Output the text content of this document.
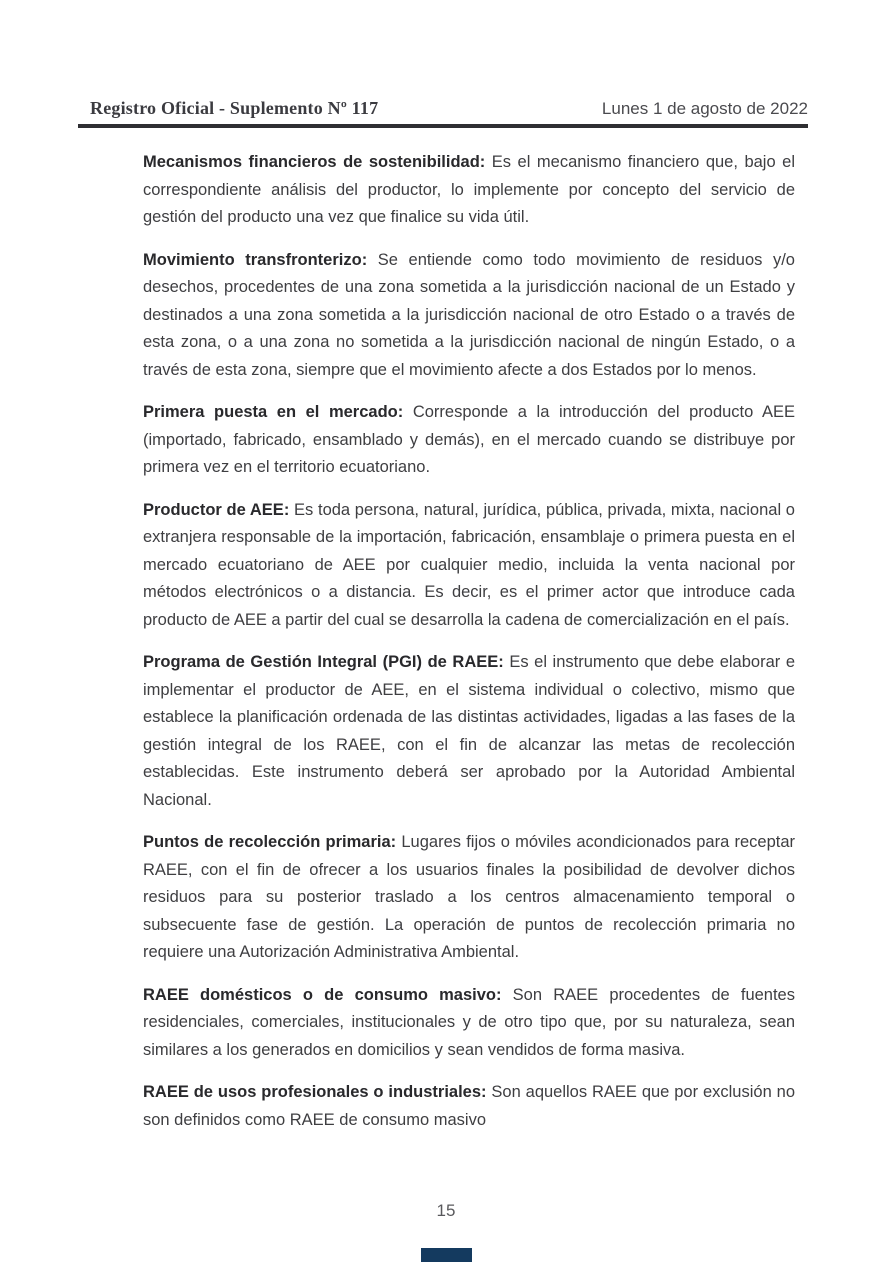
Registro Oficial - Suplemento Nº 117	Lunes 1 de agosto de 2022

Mecanismos financieros de sostenibilidad: Es el mecanismo financiero que, bajo el correspondiente análisis del productor, lo implemente por concepto del servicio de gestión del producto una vez que finalice su vida útil.

Movimiento transfronterizo: Se entiende como todo movimiento de residuos y/o desechos, procedentes de una zona sometida a la jurisdicción nacional de un Estado y destinados a una zona sometida a la jurisdicción nacional de otro Estado o a través de esta zona, o a una zona no sometida a la jurisdicción nacional de ningún Estado, o a través de esta zona, siempre que el movimiento afecte a dos Estados por lo menos.

Primera puesta en el mercado: Corresponde a la introducción del producto AEE (importado, fabricado, ensamblado y demás), en el mercado cuando se distribuye por primera vez en el territorio ecuatoriano.

Productor de AEE: Es toda persona, natural, jurídica, pública, privada, mixta, nacional o extranjera responsable de la importación, fabricación, ensamblaje o primera puesta en el mercado ecuatoriano de AEE por cualquier medio, incluida la venta nacional por métodos electrónicos o a distancia. Es decir, es el primer actor que introduce cada producto de AEE a partir del cual se desarrolla la cadena de comercialización en el país.

Programa de Gestión Integral (PGI) de RAEE: Es el instrumento que debe elaborar e implementar el productor de AEE, en el sistema individual o colectivo, mismo que establece la planificación ordenada de las distintas actividades, ligadas a las fases de la gestión integral de los RAEE, con el fin de alcanzar las metas de recolección establecidas. Este instrumento deberá ser aprobado por la Autoridad Ambiental Nacional.

Puntos de recolección primaria: Lugares fijos o móviles acondicionados para receptar RAEE, con el fin de ofrecer a los usuarios finales la posibilidad de devolver dichos residuos para su posterior traslado a los centros almacenamiento temporal o subsecuente fase de gestión. La operación de puntos de recolección primaria no requiere una Autorización Administrativa Ambiental.

RAEE domésticos o de consumo masivo: Son RAEE procedentes de fuentes residenciales, comerciales, institucionales y de otro tipo que, por su naturaleza, sean similares a los generados en domicilios y sean vendidos de forma masiva.

RAEE de usos profesionales o industriales: Son aquellos RAEE que por exclusión no son definidos como RAEE de consumo masivo

15
